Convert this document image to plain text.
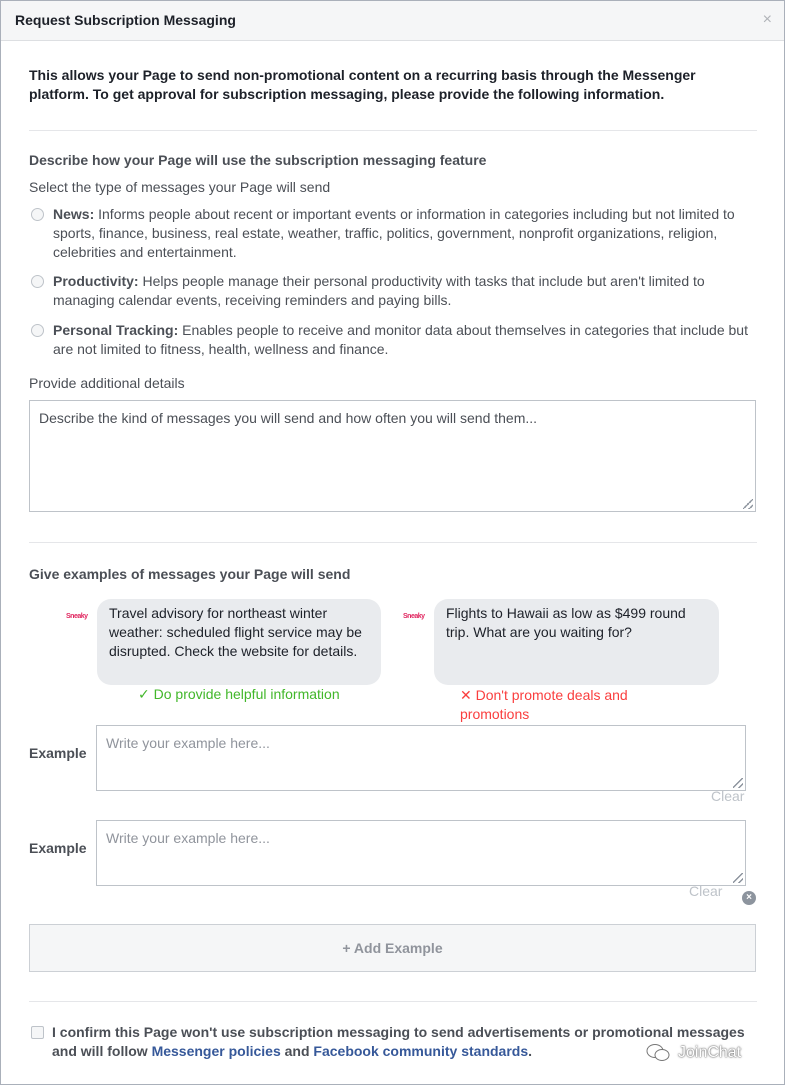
Request Subscription Messaging	×
This allows your Page to send non-promotional content on a recurring basis through the Messenger platform. To get approval for subscription messaging, please provide the following information.
Describe how your Page will use the subscription messaging feature
Select the type of messages your Page will send
News: Informs people about recent or important events or information in categories including but not limited to sports, finance, business, real estate, weather, traffic, politics, government, nonprofit organizations, religion, celebrities and entertainment.
Productivity: Helps people manage their personal productivity with tasks that include but aren't limited to managing calendar events, receiving reminders and paying bills.
Personal Tracking: Enables people to receive and monitor data about themselves in categories that include but are not limited to fitness, health, wellness and finance.
Provide additional details
Describe the kind of messages you will send and how often you will send them...
Give examples of messages your Page will send
Sneaky	Travel advisory for northeast winter weather: scheduled flight service may be disrupted. Check the website for details.
Sneaky	Flights to Hawaii as low as $499 round trip. What are you waiting for?
✓ Do provide helpful information	✕ Don't promote deals and promotions
Example
Write your example here...
Clear
Example
Write your example here...
Clear	×
+ Add Example
I confirm this Page won't use subscription messaging to send advertisements or promotional messages and will follow Messenger policies and Facebook community standards.	JoinChat
